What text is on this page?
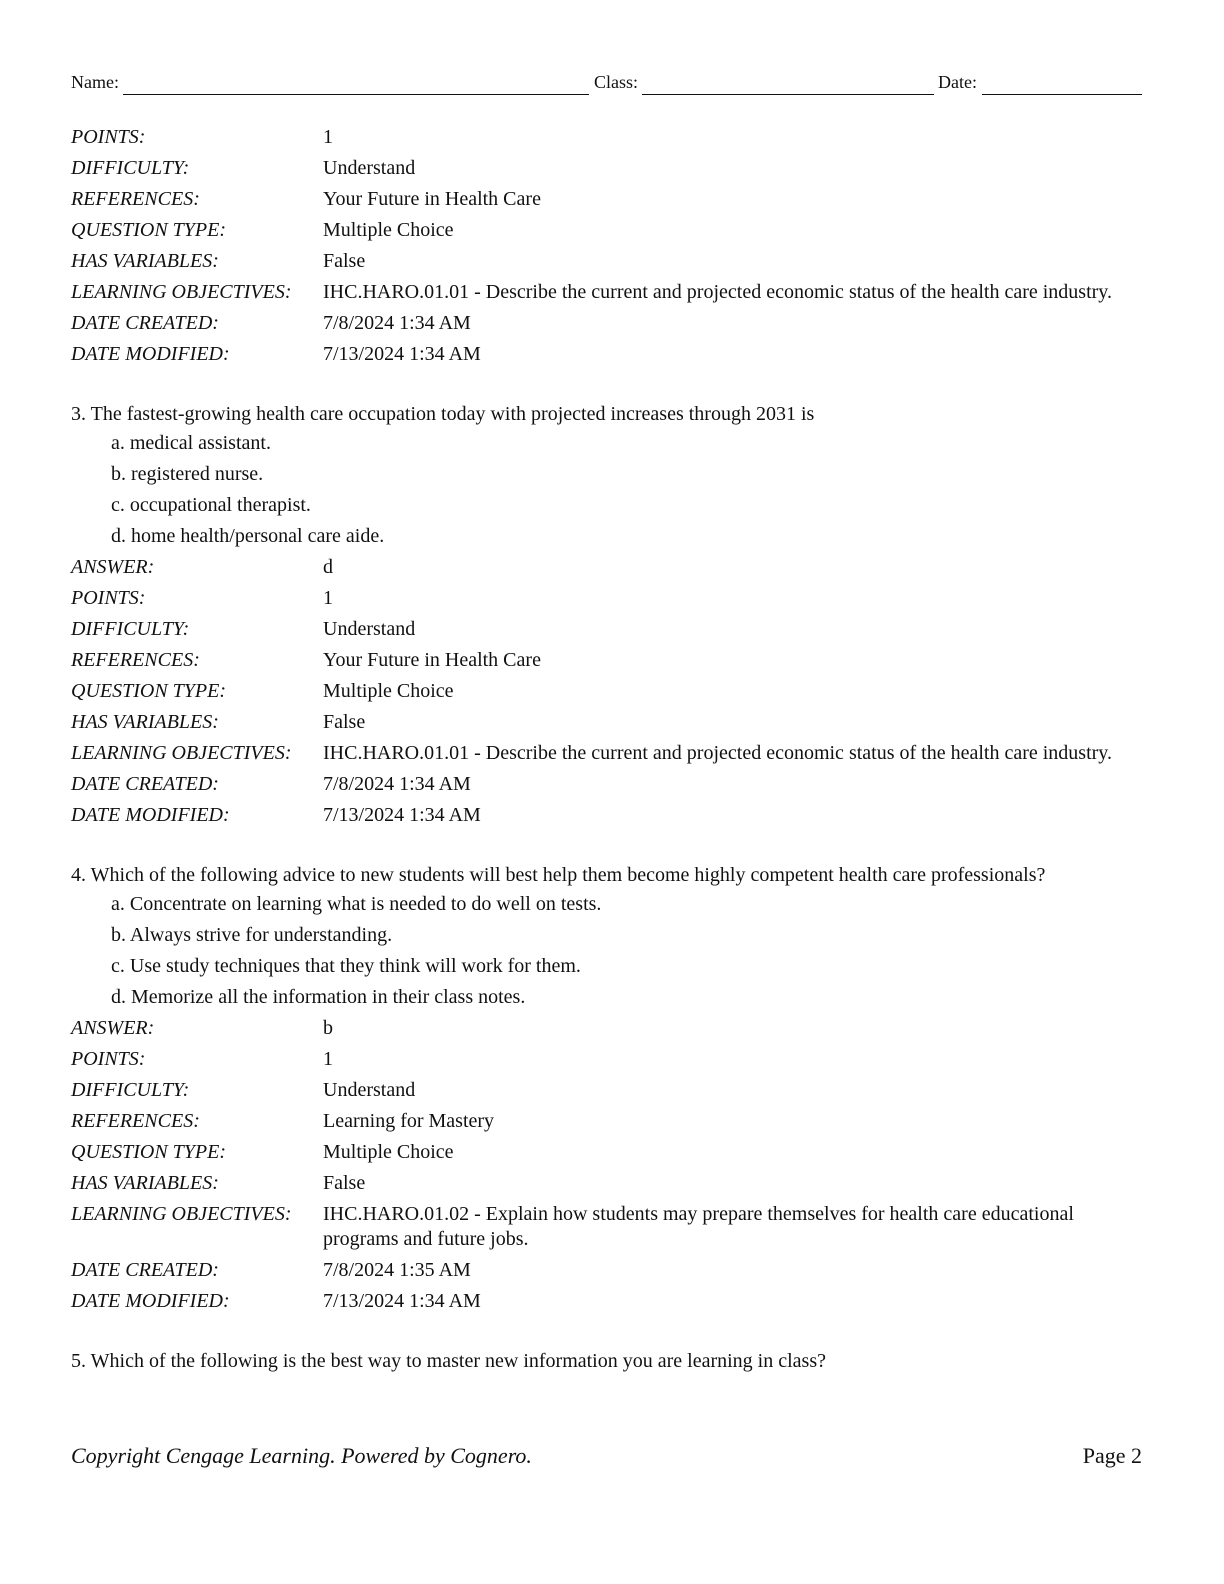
Name:	Class:	Date:
POINTS:	1
DIFFICULTY:	Understand
REFERENCES:	Your Future in Health Care
QUESTION TYPE:	Multiple Choice
HAS VARIABLES:	False
LEARNING OBJECTIVES:	IHC.HARO.01.01 - Describe the current and projected economic status of the health care industry.
DATE CREATED:	7/8/2024 1:34 AM
DATE MODIFIED:	7/13/2024 1:34 AM
3. The fastest-growing health care occupation today with projected increases through 2031 is
a. medical assistant.
b. registered nurse.
c. occupational therapist.
d. home health/personal care aide.
ANSWER:	d
POINTS:	1
DIFFICULTY:	Understand
REFERENCES:	Your Future in Health Care
QUESTION TYPE:	Multiple Choice
HAS VARIABLES:	False
LEARNING OBJECTIVES:	IHC.HARO.01.01 - Describe the current and projected economic status of the health care industry.
DATE CREATED:	7/8/2024 1:34 AM
DATE MODIFIED:	7/13/2024 1:34 AM
4. Which of the following advice to new students will best help them become highly competent health care professionals?
a. Concentrate on learning what is needed to do well on tests.
b. Always strive for understanding.
c. Use study techniques that they think will work for them.
d. Memorize all the information in their class notes.
ANSWER:	b
POINTS:	1
DIFFICULTY:	Understand
REFERENCES:	Learning for Mastery
QUESTION TYPE:	Multiple Choice
HAS VARIABLES:	False
LEARNING OBJECTIVES:	IHC.HARO.01.02 - Explain how students may prepare themselves for health care educational programs and future jobs.
DATE CREATED:	7/8/2024 1:35 AM
DATE MODIFIED:	7/13/2024 1:34 AM
5. Which of the following is the best way to master new information you are learning in class?
Copyright Cengage Learning. Powered by Cognero.	Page 2
